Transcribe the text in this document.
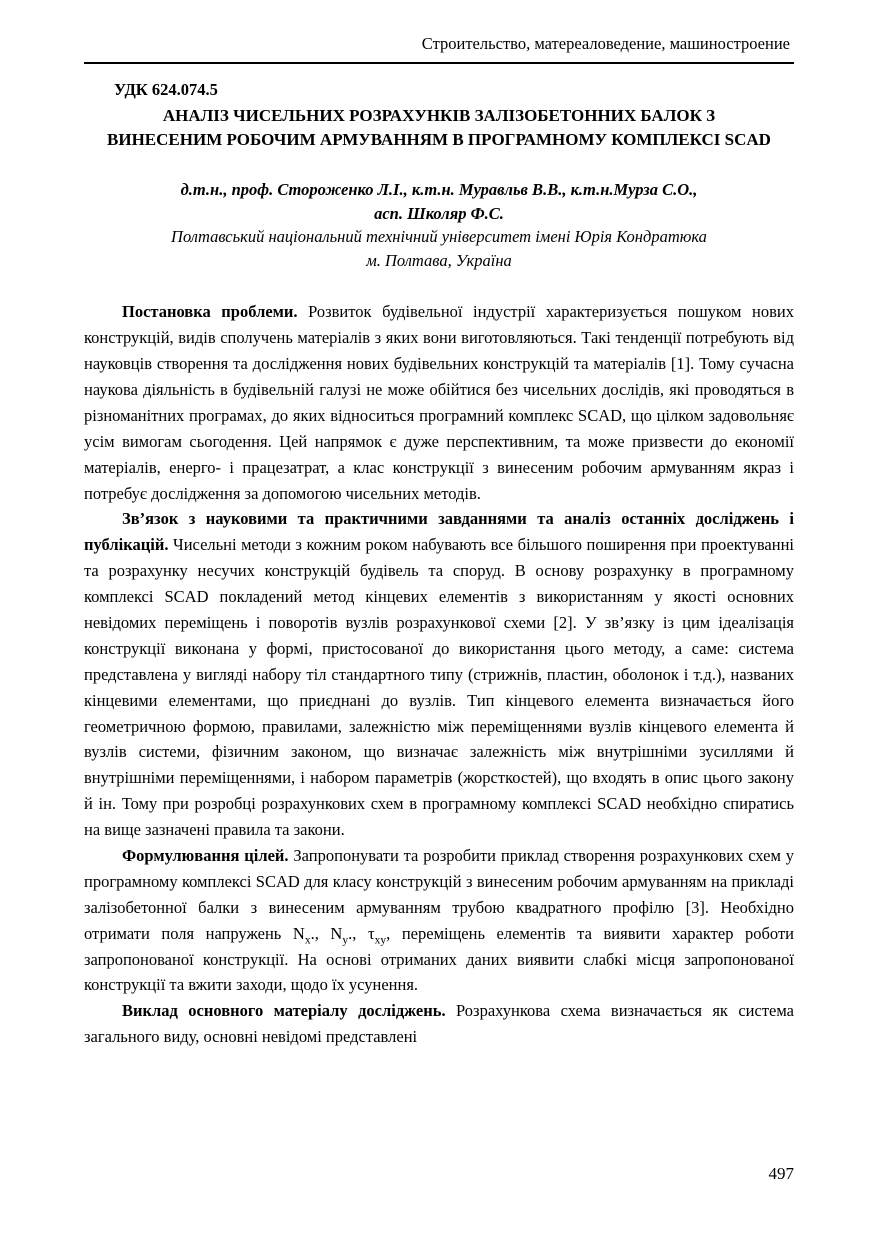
Строительство, матереаловедение, машиностроение
УДК 624.074.5
АНАЛІЗ ЧИСЕЛЬНИХ РОЗРАХУНКІВ ЗАЛІЗОБЕТОННИХ БАЛОК З ВИНЕСЕНИМ РОБОЧИМ АРМУВАННЯМ В ПРОГРАМНОМУ КОМПЛЕКСІ SCAD
д.т.н., проф. Стороженко Л.І., к.т.н. Муравльв В.В., к.т.н.Мурза С.О.,
асп. Школяр Ф.С.
Полтавський національний технічний університет імені Юрія Кондратюка
м. Полтава, Україна

Постановка проблеми. Розвиток будівельної індустрії характеризується пошуком нових конструкцій, видів сполучень матеріалів з яких вони виготовляються. Такі тенденції потребують від науковців створення та дослідження нових будівельних конструкцій та матеріалів [1]. Тому сучасна наукова діяльність в будівельній галузі не може обійтися без чисельних дослідів, які проводяться в різноманітних програмах, до яких відноситься програмний комплекс SCAD, що цілком задовольняє усім вимогам сьогодення. Цей напрямок є дуже перспективним, та може призвести до економії матеріалів, енерго- і працезатрат, а клас конструкції з винесеним робочим армуванням якраз і потребує дослідження за допомогою чисельних методів.

Зв’язок з науковими та практичними завданнями та аналіз останніх досліджень і публікацій. Чисельні методи з кожним роком набувають все більшого поширення при проектуванні та розрахунку несучих конструкцій будівель та споруд. В основу розрахунку в програмному комплексі SCAD покладений метод кінцевих елементів з використанням у якості основних невідомих переміщень і поворотів вузлів розрахункової схеми [2]. У зв’язку із цим ідеалізація конструкції виконана у формі, пристосованої до використання цього методу, а саме: система представлена у вигляді набору тіл стандартного типу (стрижнів, пластин, оболонок і т.д.), названих кінцевими елементами, що приєднані до вузлів. Тип кінцевого елемента визначається його геометричною формою, правилами, залежністю між переміщеннями вузлів кінцевого елемента й вузлів системи, фізичним законом, що визначає залежність між внутрішніми зусиллями й внутрішніми переміщеннями, і набором параметрів (жорсткостей), що входять в опис цього закону й ін. Тому при розробці розрахункових схем в програмному комплексі SCAD необхідно спиратись на вище зазначені правила та закони.

Формулювання цілей. Запропонувати та розробити приклад створення розрахункових схем у програмному комплексі SCAD для класу конструкцій з винесеним робочим армуванням на прикладі залізобетонної балки з винесеним армуванням трубою квадратного профілю [3]. Необхідно отримати поля напружень $N_x$., $N_y$., $\tau_{xy}$, переміщень елементів та виявити характер роботи запропонованої конструкції. На основі отриманих даних виявити слабкі місця запропонованої конструкції та вжити заходи, щодо їх усунення.

Виклад основного матеріалу досліджень. Розрахункова схема визначається як система загального виду, основні невідомі представлені

497
